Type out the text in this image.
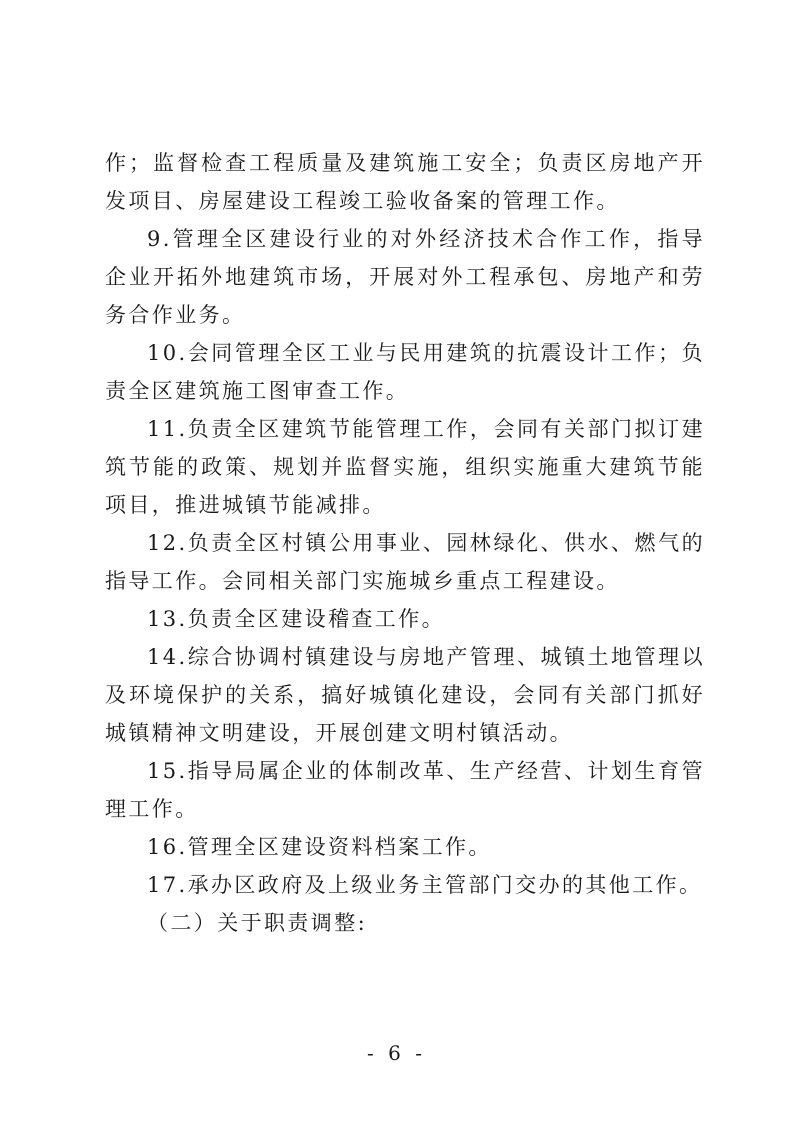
作；监督检查工程质量及建筑施工安全；负责区房地产开发项目、房屋建设工程竣工验收备案的管理工作。

9.管理全区建设行业的对外经济技术合作工作，指导企业开拓外地建筑市场，开展对外工程承包、房地产和劳务合作业务。

10.会同管理全区工业与民用建筑的抗震设计工作；负责全区建筑施工图审查工作。

11.负责全区建筑节能管理工作，会同有关部门拟订建筑节能的政策、规划并监督实施，组织实施重大建筑节能项目，推进城镇节能减排。

12.负责全区村镇公用事业、园林绿化、供水、燃气的指导工作。会同相关部门实施城乡重点工程建设。

13.负责全区建设稽查工作。

14.综合协调村镇建设与房地产管理、城镇土地管理以及环境保护的关系，搞好城镇化建设，会同有关部门抓好城镇精神文明建设，开展创建文明村镇活动。

15.指导局属企业的体制改革、生产经营、计划生育管理工作。

16.管理全区建设资料档案工作。

17.承办区政府及上级业务主管部门交办的其他工作。

（二）关于职责调整:

- 6 -
